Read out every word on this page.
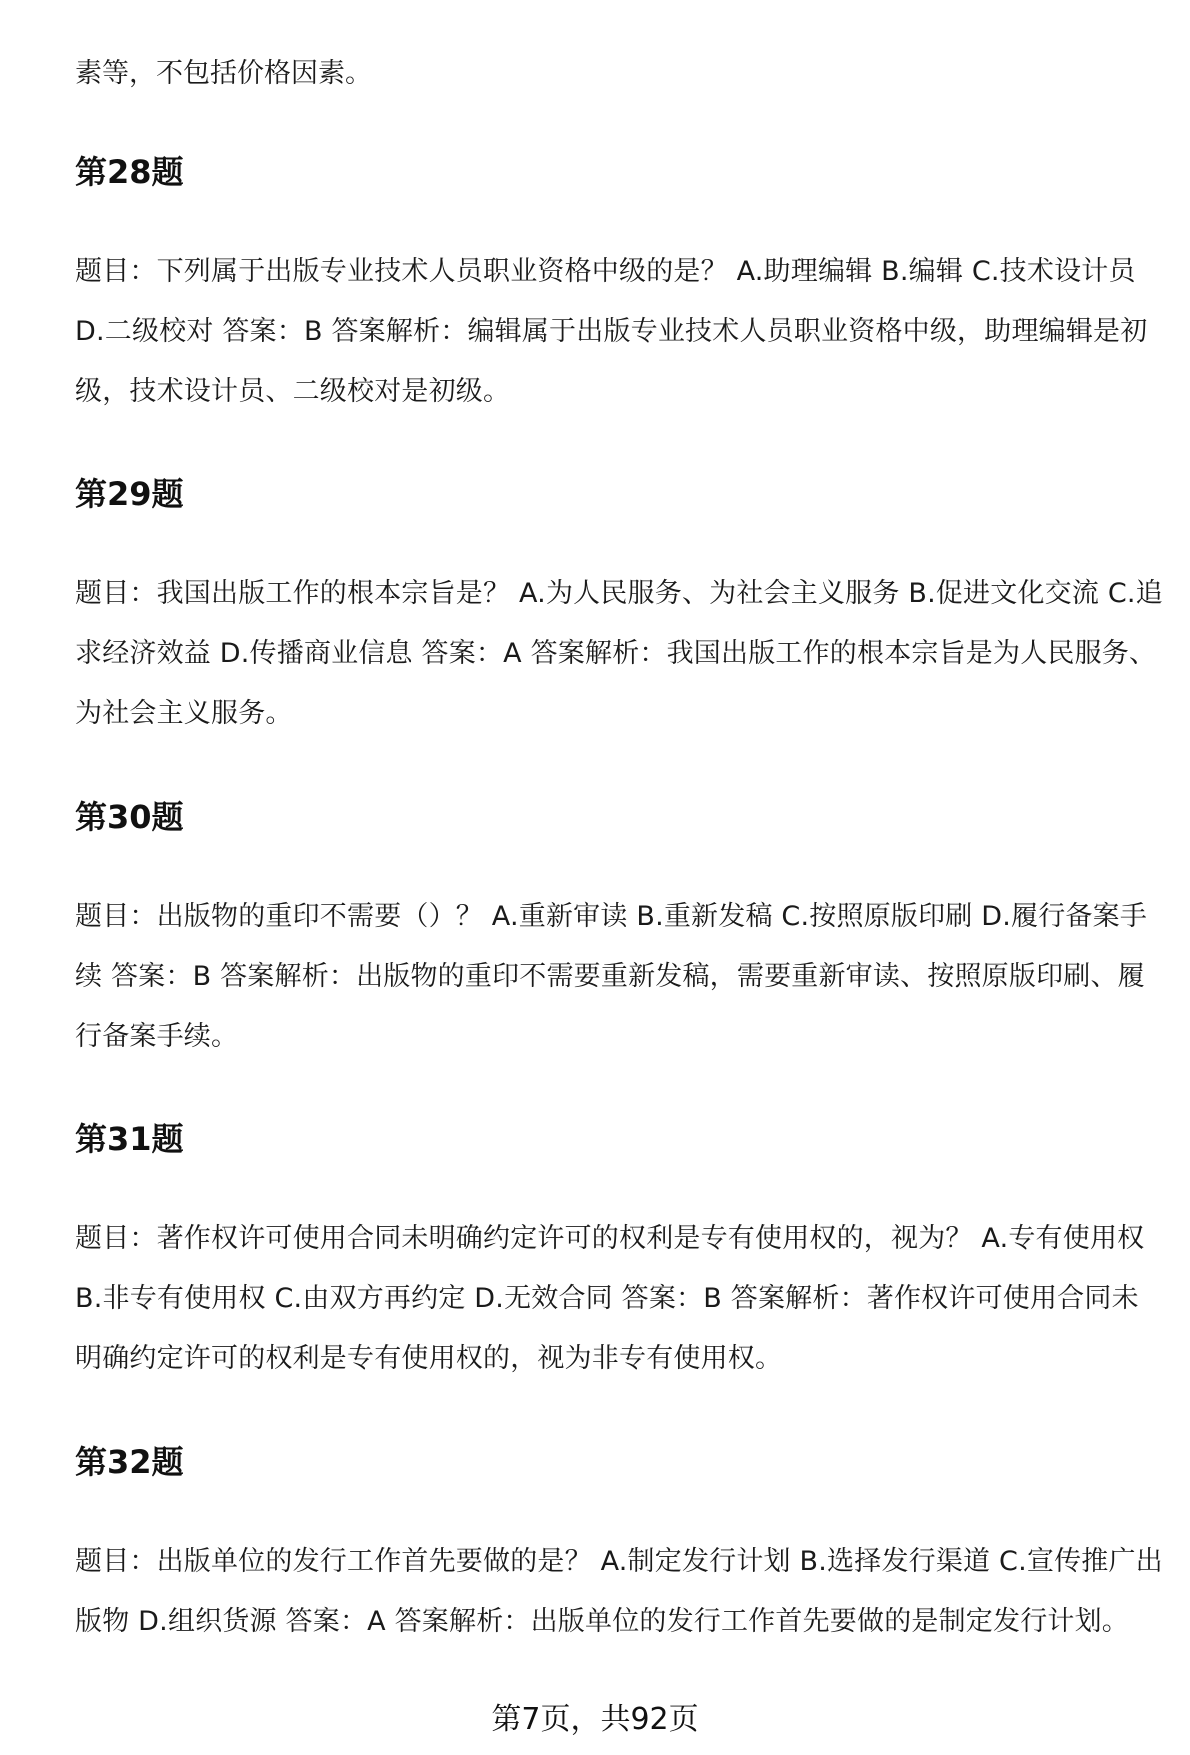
素等，不包括价格因素。

第28题

题目：下列属于出版专业技术人员职业资格中级的是？ A.助理编辑 B.编辑 C.技术设计员 D.二级校对 答案：B 答案解析：编辑属于出版专业技术人员职业资格中级，助理编辑是初级，技术设计员、二级校对是初级。

第29题

题目：我国出版工作的根本宗旨是？ A.为人民服务、为社会主义服务 B.促进文化交流 C.追求经济效益 D.传播商业信息 答案：A 答案解析：我国出版工作的根本宗旨是为人民服务、为社会主义服务。

第30题

题目：出版物的重印不需要（）？ A.重新审读 B.重新发稿 C.按照原版印刷 D.履行备案手续 答案：B 答案解析：出版物的重印不需要重新发稿，需要重新审读、按照原版印刷、履行备案手续。

第31题

题目：著作权许可使用合同未明确约定许可的权利是专有使用权的，视为？ A.专有使用权 B.非专有使用权 C.由双方再约定 D.无效合同 答案：B 答案解析：著作权许可使用合同未明确约定许可的权利是专有使用权的，视为非专有使用权。

第32题

题目：出版单位的发行工作首先要做的是？ A.制定发行计划 B.选择发行渠道 C.宣传推广出版物 D.组织货源 答案：A 答案解析：出版单位的发行工作首先要做的是制定发行计划。

第7页，共92页
